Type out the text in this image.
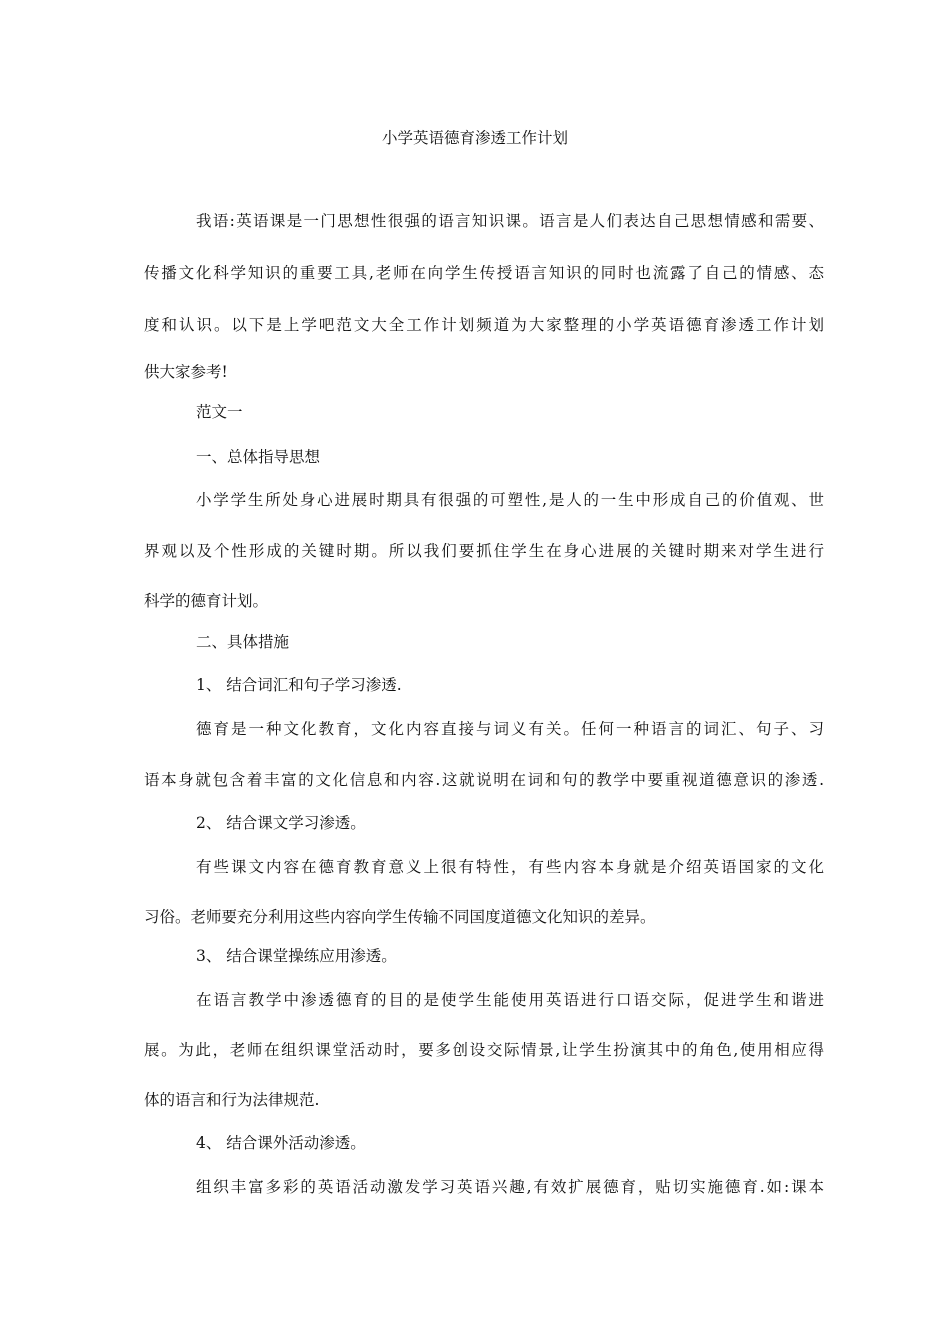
小学英语德育渗透工作计划
我语:英语课是一门思想性很强的语言知识课。语言是人们表达自己思想情感和需要、
传播文化科学知识的重要工具,老师在向学生传授语言知识的同时也流露了自己的情感、态
度和认识。以下是上学吧范文大全工作计划频道为大家整理的小学英语德育渗透工作计划
供大家参考!
范文一
一、总体指导思想
小学学生所处身心进展时期具有很强的可塑性,是人的一生中形成自己的价值观、世
界观以及个性形成的关键时期。所以我们要抓住学生在身心进展的关键时期来对学生进行
科学的德育计划。
二、具体措施
1、 结合词汇和句子学习渗透.
德育是一种文化教育，文化内容直接与词义有关。任何一种语言的词汇、句子、习
语本身就包含着丰富的文化信息和内容.这就说明在词和句的教学中要重视道德意识的渗透.
2、 结合课文学习渗透。
有些课文内容在德育教育意义上很有特性，有些内容本身就是介绍英语国家的文化
习俗。老师要充分利用这些内容向学生传输不同国度道德文化知识的差异。
3、 结合课堂操练应用渗透。
在语言教学中渗透德育的目的是使学生能使用英语进行口语交际，促进学生和谐进
展。为此，老师在组织课堂活动时，要多创设交际情景,让学生扮演其中的角色,使用相应得
体的语言和行为法律规范.
4、 结合课外活动渗透。
组织丰富多彩的英语活动激发学习英语兴趣,有效扩展德育，贴切实施德育.如:课本
